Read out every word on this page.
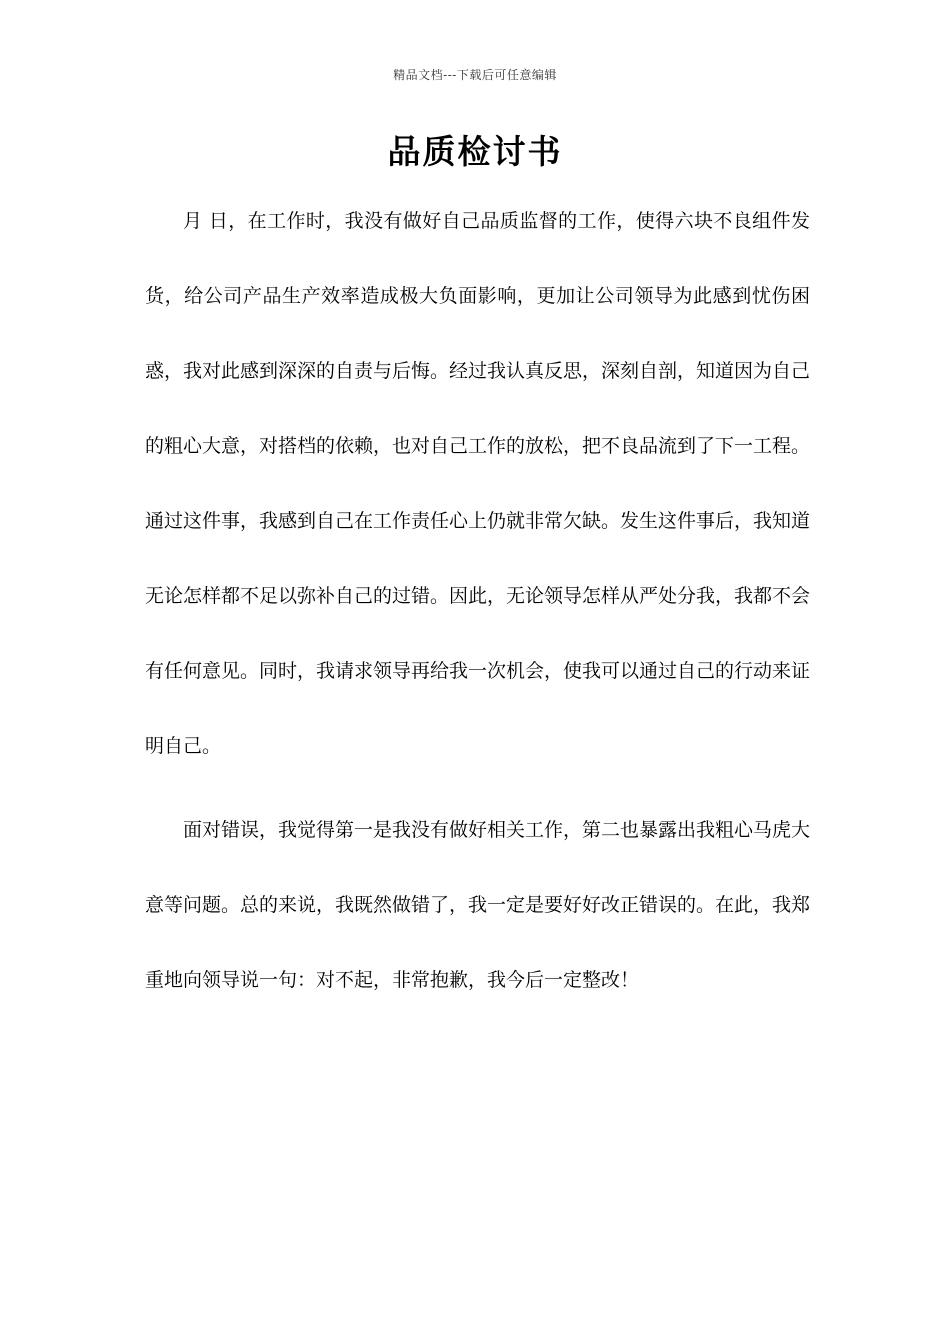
精品文档---下载后可任意编辑
品质检讨书

月 日，在工作时，我没有做好自己品质监督的工作，使得六块不良组件发货，给公司产品生产效率造成极大负面影响，更加让公司领导为此感到忧伤困惑，我对此感到深深的自责与后悔。经过我认真反思，深刻自剖，知道因为自己的粗心大意，对搭档的依赖，也对自己工作的放松，把不良品流到了下一工程。通过这件事，我感到自己在工作责任心上仍就非常欠缺。发生这件事后，我知道无论怎样都不足以弥补自己的过错。因此，无论领导怎样从严处分我，我都不会有任何意见。同时，我请求领导再给我一次机会，使我可以通过自己的行动来证明自己。

面对错误，我觉得第一是我没有做好相关工作，第二也暴露出我粗心马虎大意等问题。总的来说，我既然做错了，我一定是要好好改正错误的。在此，我郑重地向领导说一句：对不起，非常抱歉，我今后一定整改！
